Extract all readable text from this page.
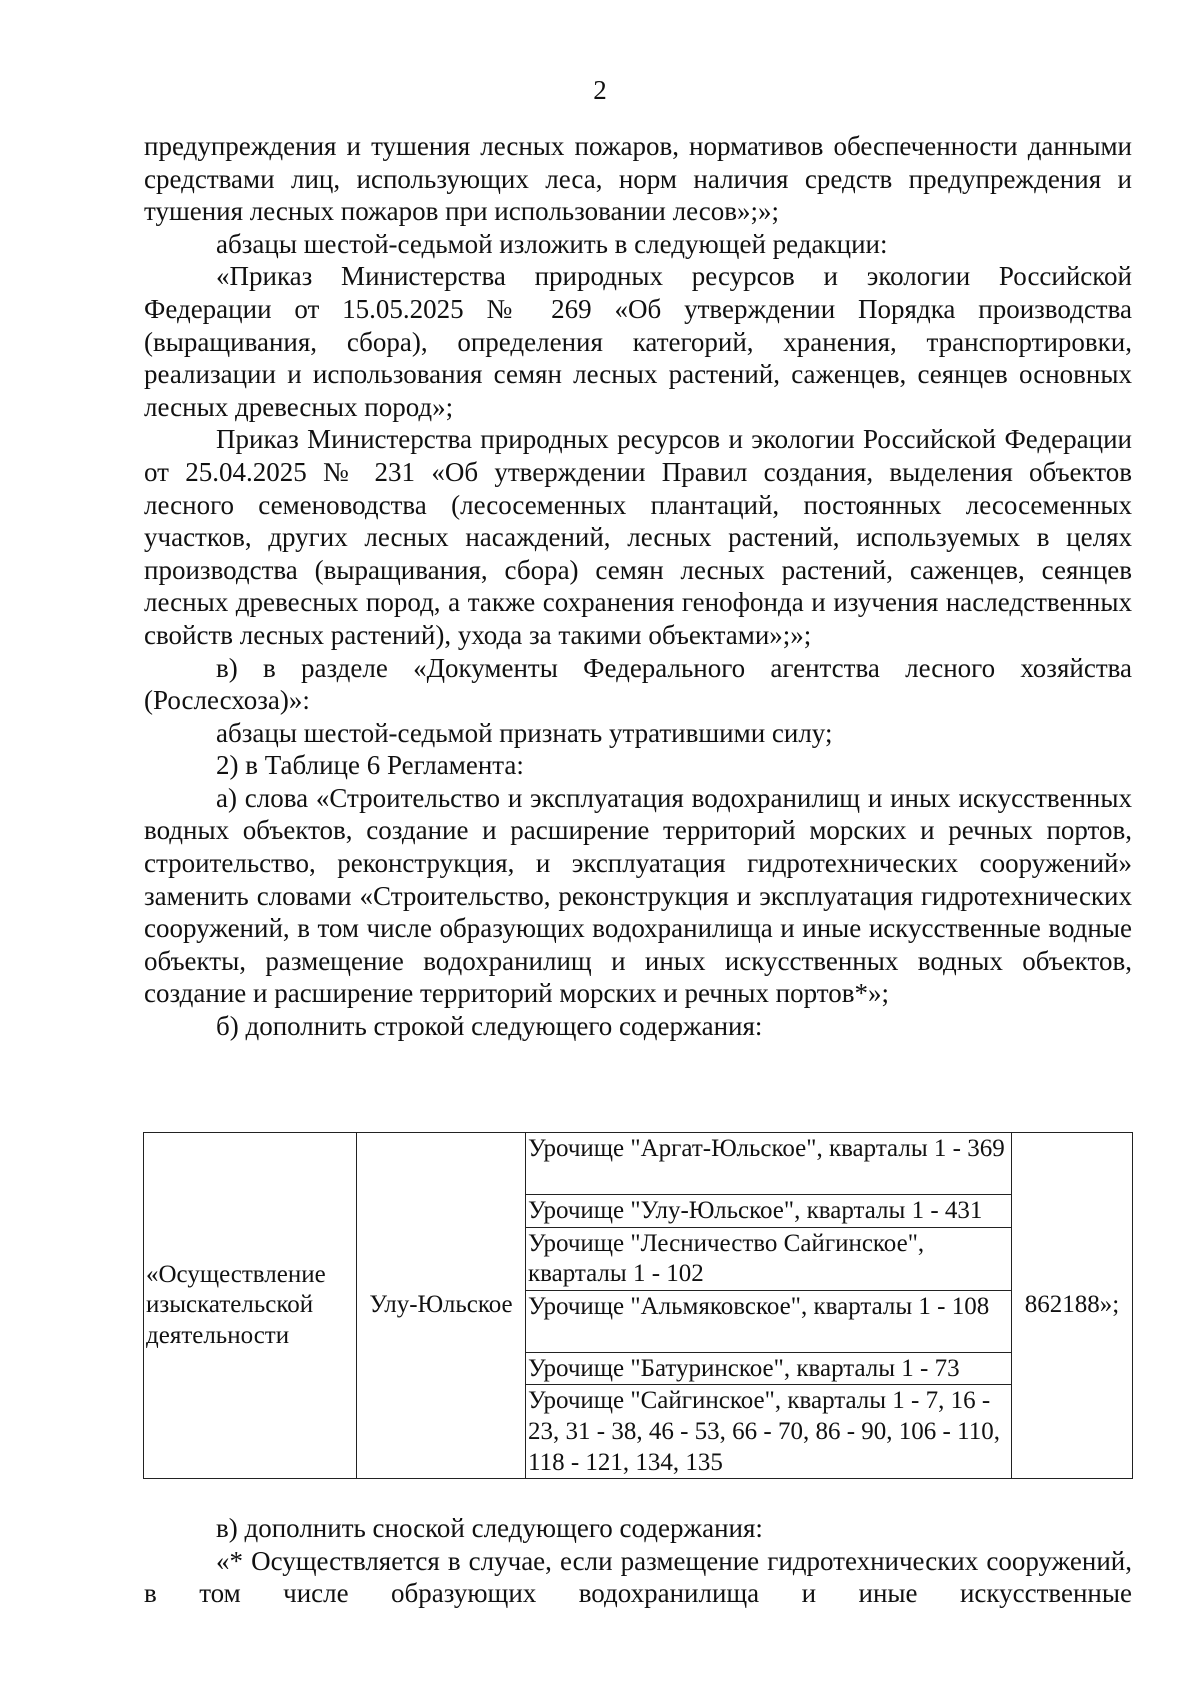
2

предупреждения и тушения лесных пожаров, нормативов обеспеченности данными средствами лиц, использующих леса, норм наличия средств предупреждения и тушения лесных пожаров при использовании лесов»;»;

абзацы шестой-седьмой изложить в следующей редакции:

«Приказ Министерства природных ресурсов и экологии Российской Федерации от 15.05.2025 № 269 «Об утверждении Порядка производства (выращивания, сбора), определения категорий, хранения, транспортировки, реализации и использования семян лесных растений, саженцев, сеянцев основных лесных древесных пород»;

Приказ Министерства природных ресурсов и экологии Российской Федерации от 25.04.2025 № 231 «Об утверждении Правил создания, выделения объектов лесного семеноводства (лесосеменных плантаций, постоянных лесосеменных участков, других лесных насаждений, лесных растений, используемых в целях производства (выращивания, сбора) семян лесных растений, саженцев, сеянцев лесных древесных пород, а также сохранения генофонда и изучения наследственных свойств лесных растений), ухода за такими объектами»;»;

в) в разделе «Документы Федерального агентства лесного хозяйства (Рослесхоза)»:

абзацы шестой-седьмой признать утратившими силу;

2) в Таблице 6 Регламента:

а) слова «Строительство и эксплуатация водохранилищ и иных искусственных водных объектов, создание и расширение территорий морских и речных портов, строительство, реконструкция, и эксплуатация гидротехнических сооружений» заменить словами «Строительство, реконструкция и эксплуатация гидротехнических сооружений, в том числе образующих водохранилища и иные искусственные водные объекты, размещение водохранилищ и иных искусственных водных объектов, создание и расширение территорий морских и речных портов*»;

б) дополнить строкой следующего содержания:

«Осуществление изыскательской деятельности	Улу-Юльское	Урочище "Аргат-Юльское", кварталы 1 - 369	862188»;
Урочище "Улу-Юльское", кварталы 1 - 431
Урочище "Лесничество Сайгинское", кварталы 1 - 102
Урочище "Альмяковское", кварталы 1 - 108
Урочище "Батуринское", кварталы 1 - 73
Урочище "Сайгинское", кварталы 1 - 7, 16 - 23, 31 - 38, 46 - 53, 66 - 70, 86 - 90, 106 - 110, 118 - 121, 134, 135

в) дополнить сноской следующего содержания:

«* Осуществляется в случае, если размещение гидротехнических сооружений, в том числе образующих водохранилища и иные искусственные
